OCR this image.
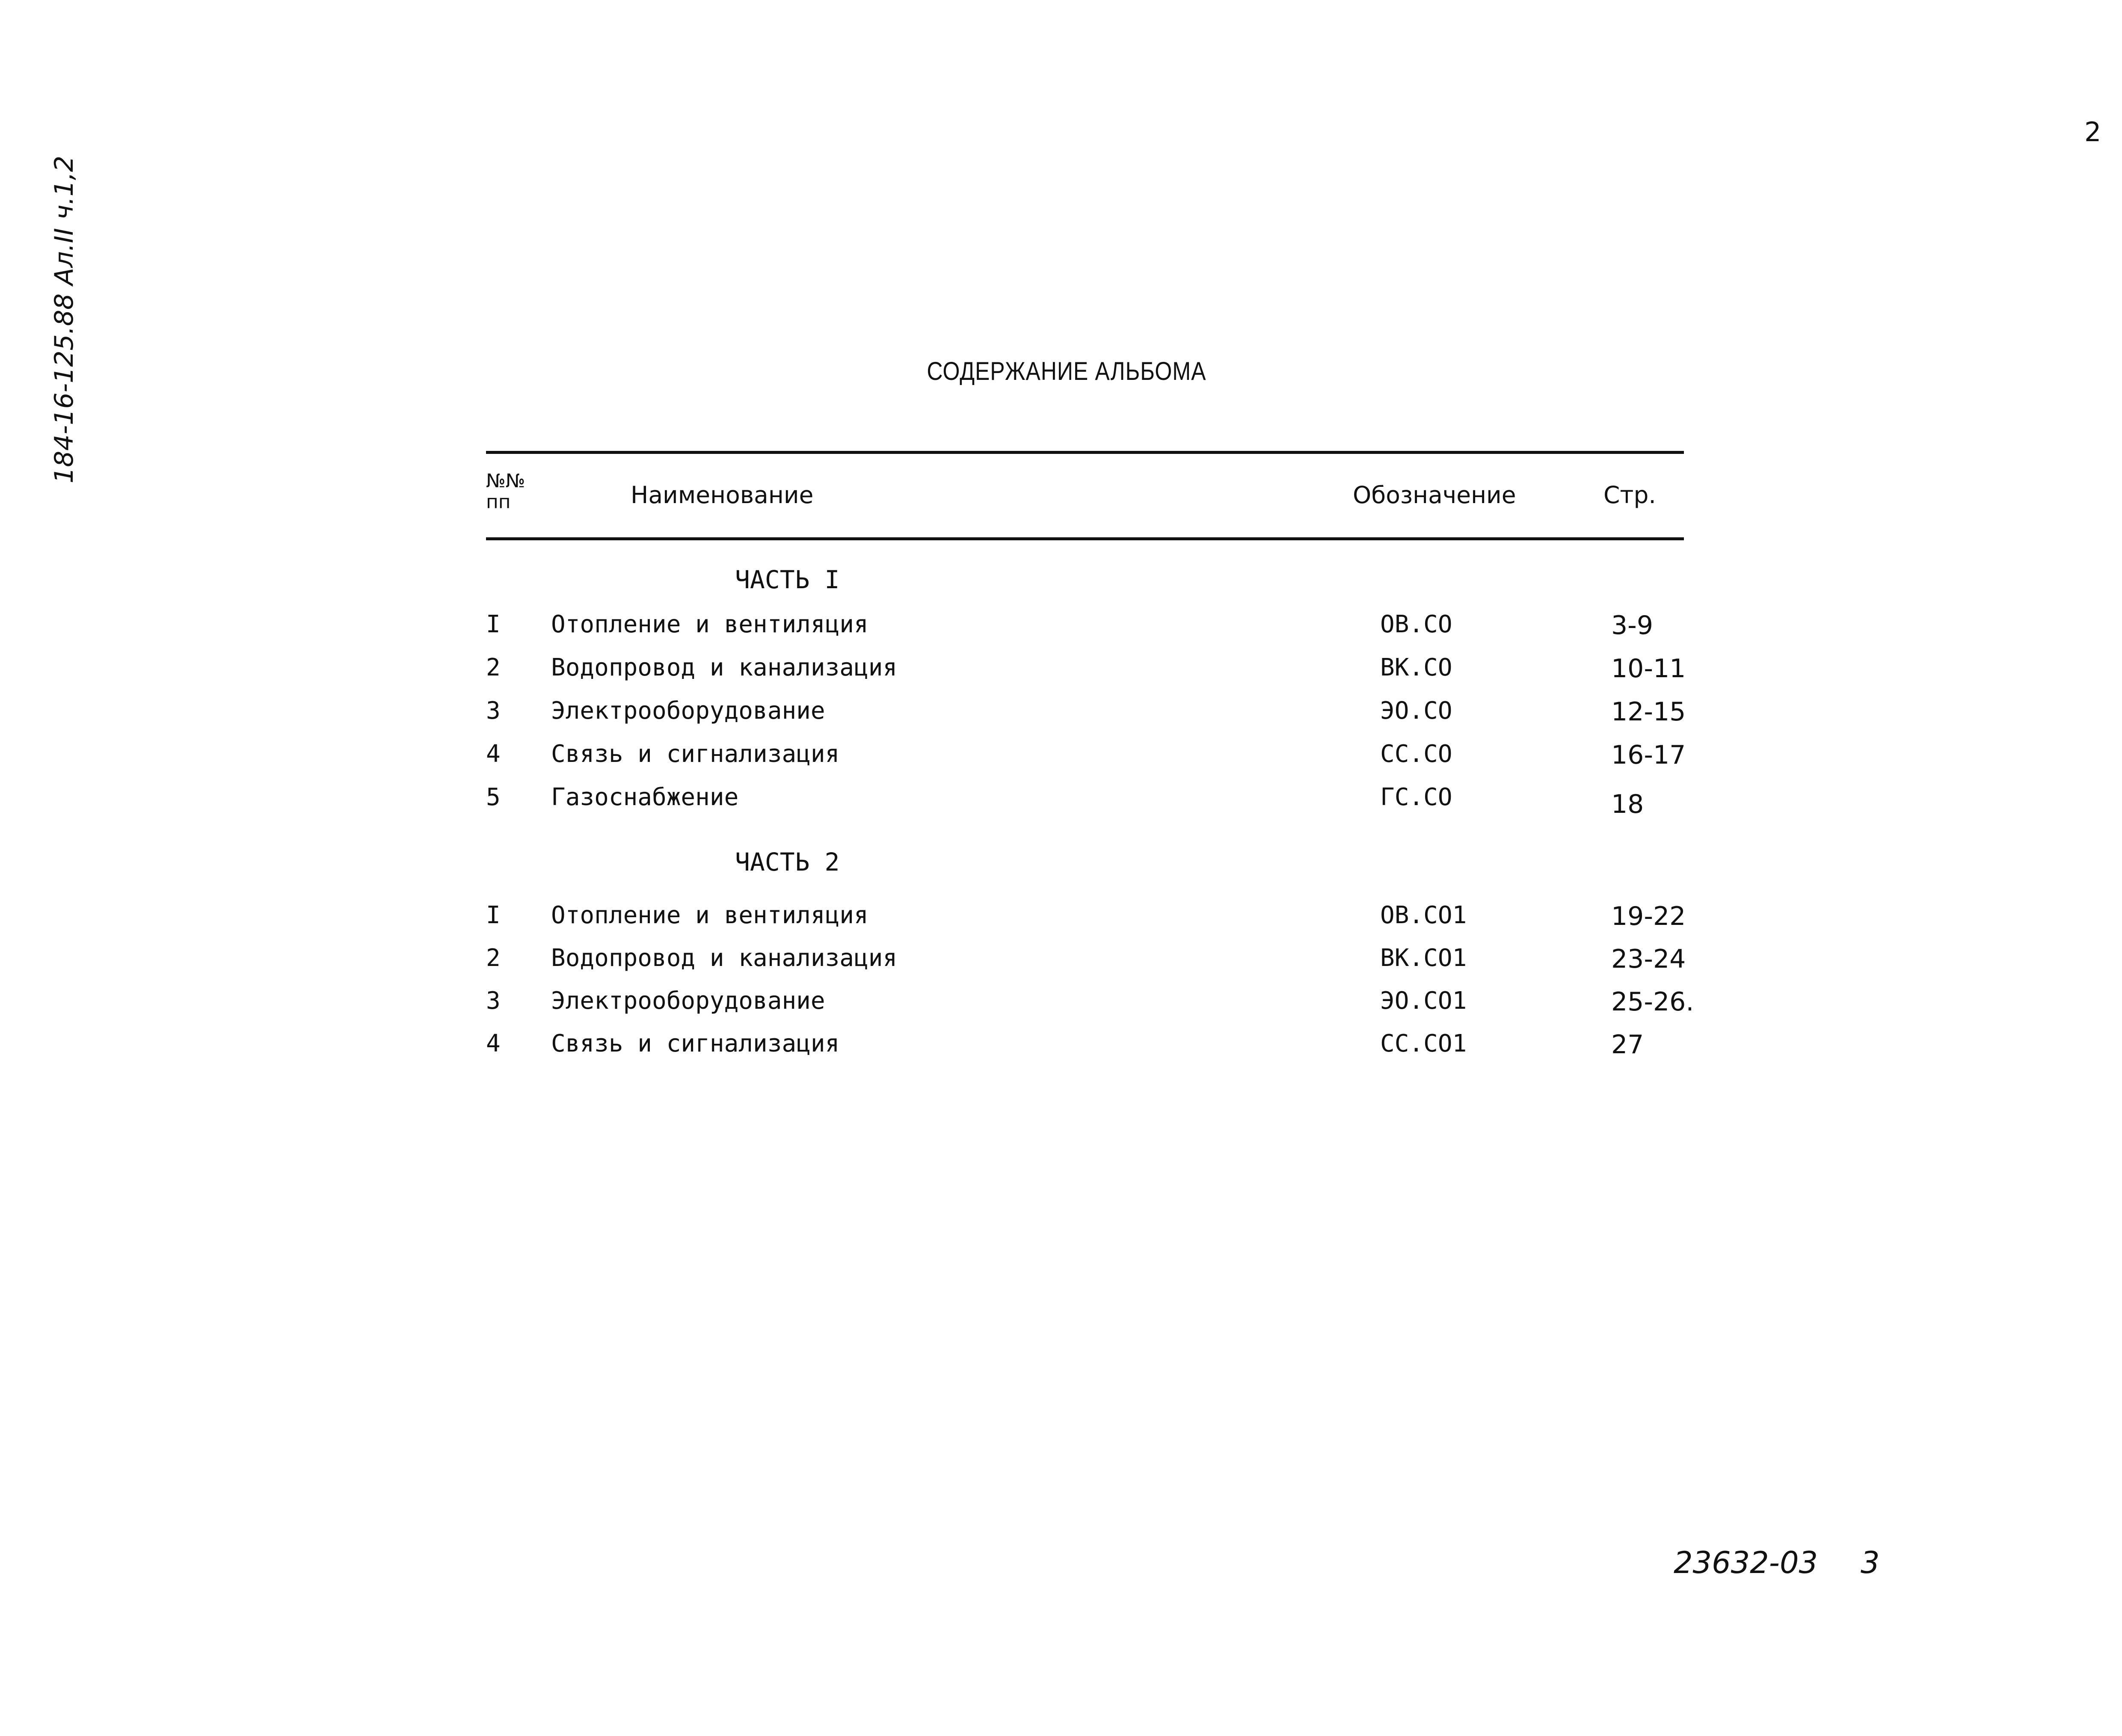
2
184-16-125.88 Ал.II ч.1,2	СОДЕРЖАНИЕ АЛЬБОМА
№№
пп	Наименование	Обозначение	Стр.
ЧАСТЬ I
I Отопление и вентиляция	ОВ.СО	3-9
2 Водопровод и канализация	ВК.СО	10-11
3 Электрооборудование	ЭО.СО	12-15
4 Связь и сигнализация	СС.СО	16-17
5 Газоснабжение	ГС.СО	18
ЧАСТЬ 2
I Отопление и вентиляция	ОВ.СО1	19-22
2 Водопровод и канализация	ВК.СО1	23-24
3 Электрооборудование	ЭО.СО1	25-26.
4 Связь и сигнализация	СС.СО1	27
23632-03 3
